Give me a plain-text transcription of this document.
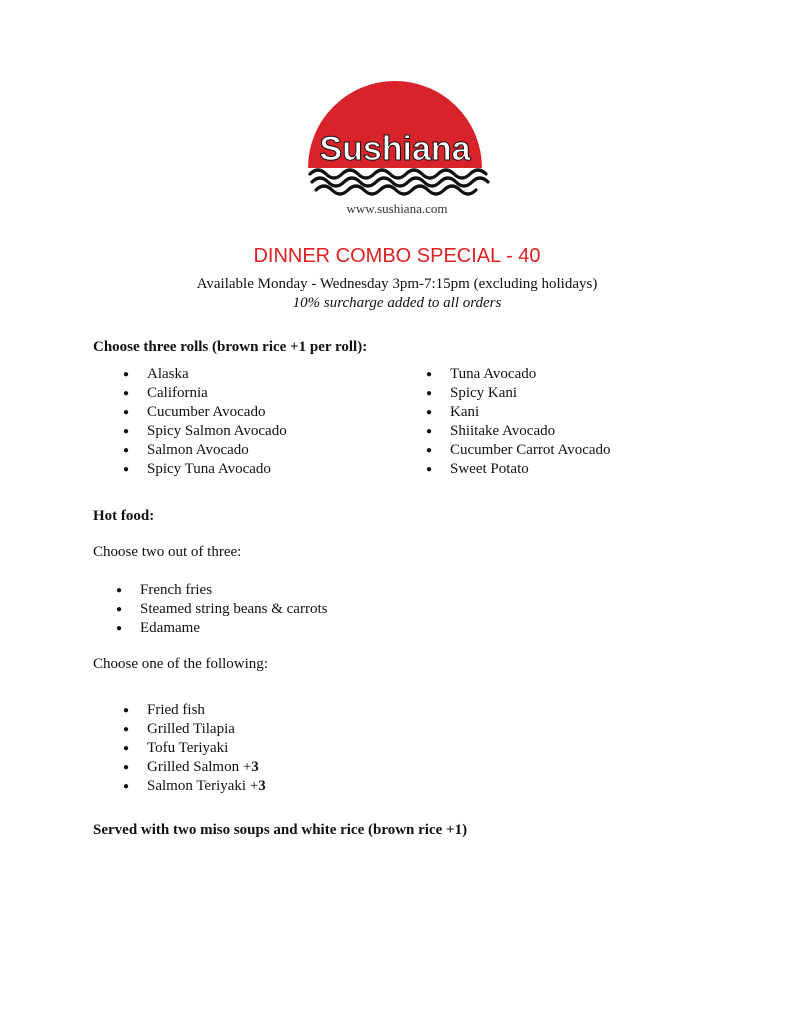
Sushiana
www.sushiana.com
DINNER COMBO SPECIAL - 40
Available Monday - Wednesday 3pm-7:15pm (excluding holidays)
10% surcharge added to all orders
Choose three rolls (brown rice +1 per roll):
● Alaska
● California
● Cucumber Avocado
● Spicy Salmon Avocado
● Salmon Avocado
● Spicy Tuna Avocado
● Tuna Avocado
● Spicy Kani
● Kani
● Shiitake Avocado
● Cucumber Carrot Avocado
● Sweet Potato
Hot food:
Choose two out of three:
● French fries
● Steamed string beans & carrots
● Edamame
Choose one of the following:
● Fried fish
● Grilled Tilapia
● Tofu Teriyaki
● Grilled Salmon +3
● Salmon Teriyaki +3
Served with two miso soups and white rice (brown rice +1)
